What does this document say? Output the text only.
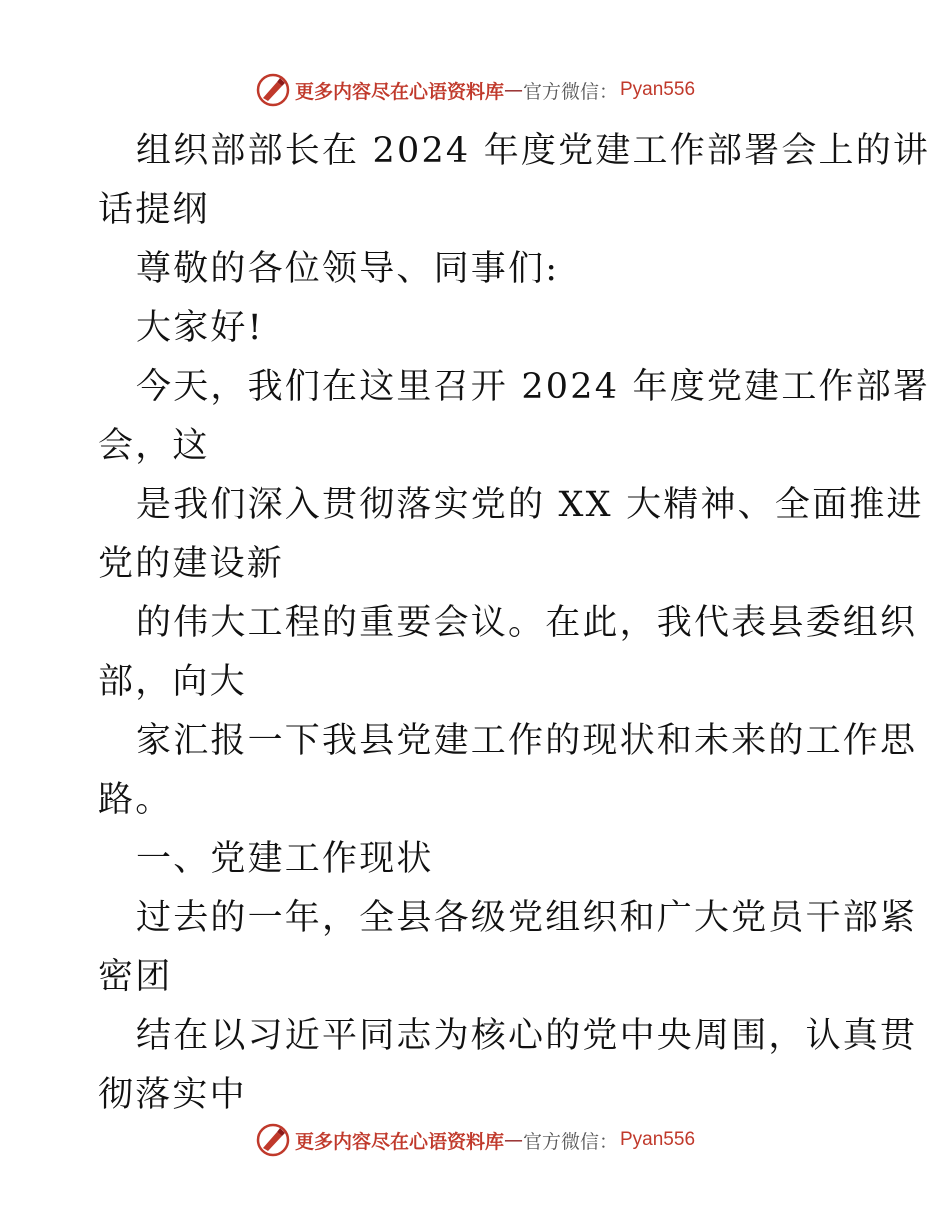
更多内容尽在心语资料库 — 官方微信： Pyan556

组织部部长在 2024 年度党建工作部署会上的讲
话提纲

尊敬的各位领导、同事们:

大家好!

今天，我们在这里召开 2024 年度党建工作部署
会，这

是我们深入贯彻落实党的 XX 大精神、全面推进
党的建设新

的伟大工程的重要会议。在此，我代表县委组织
部，向大

家汇报一下我县党建工作的现状和未来的工作思
路。

一、党建工作现状

过去的一年，全县各级党组织和广大党员干部紧
密团

结在以习近平同志为核心的党中央周围，认真贯
彻落实中

更多内容尽在心语资料库 — 官方微信： Pyan556
